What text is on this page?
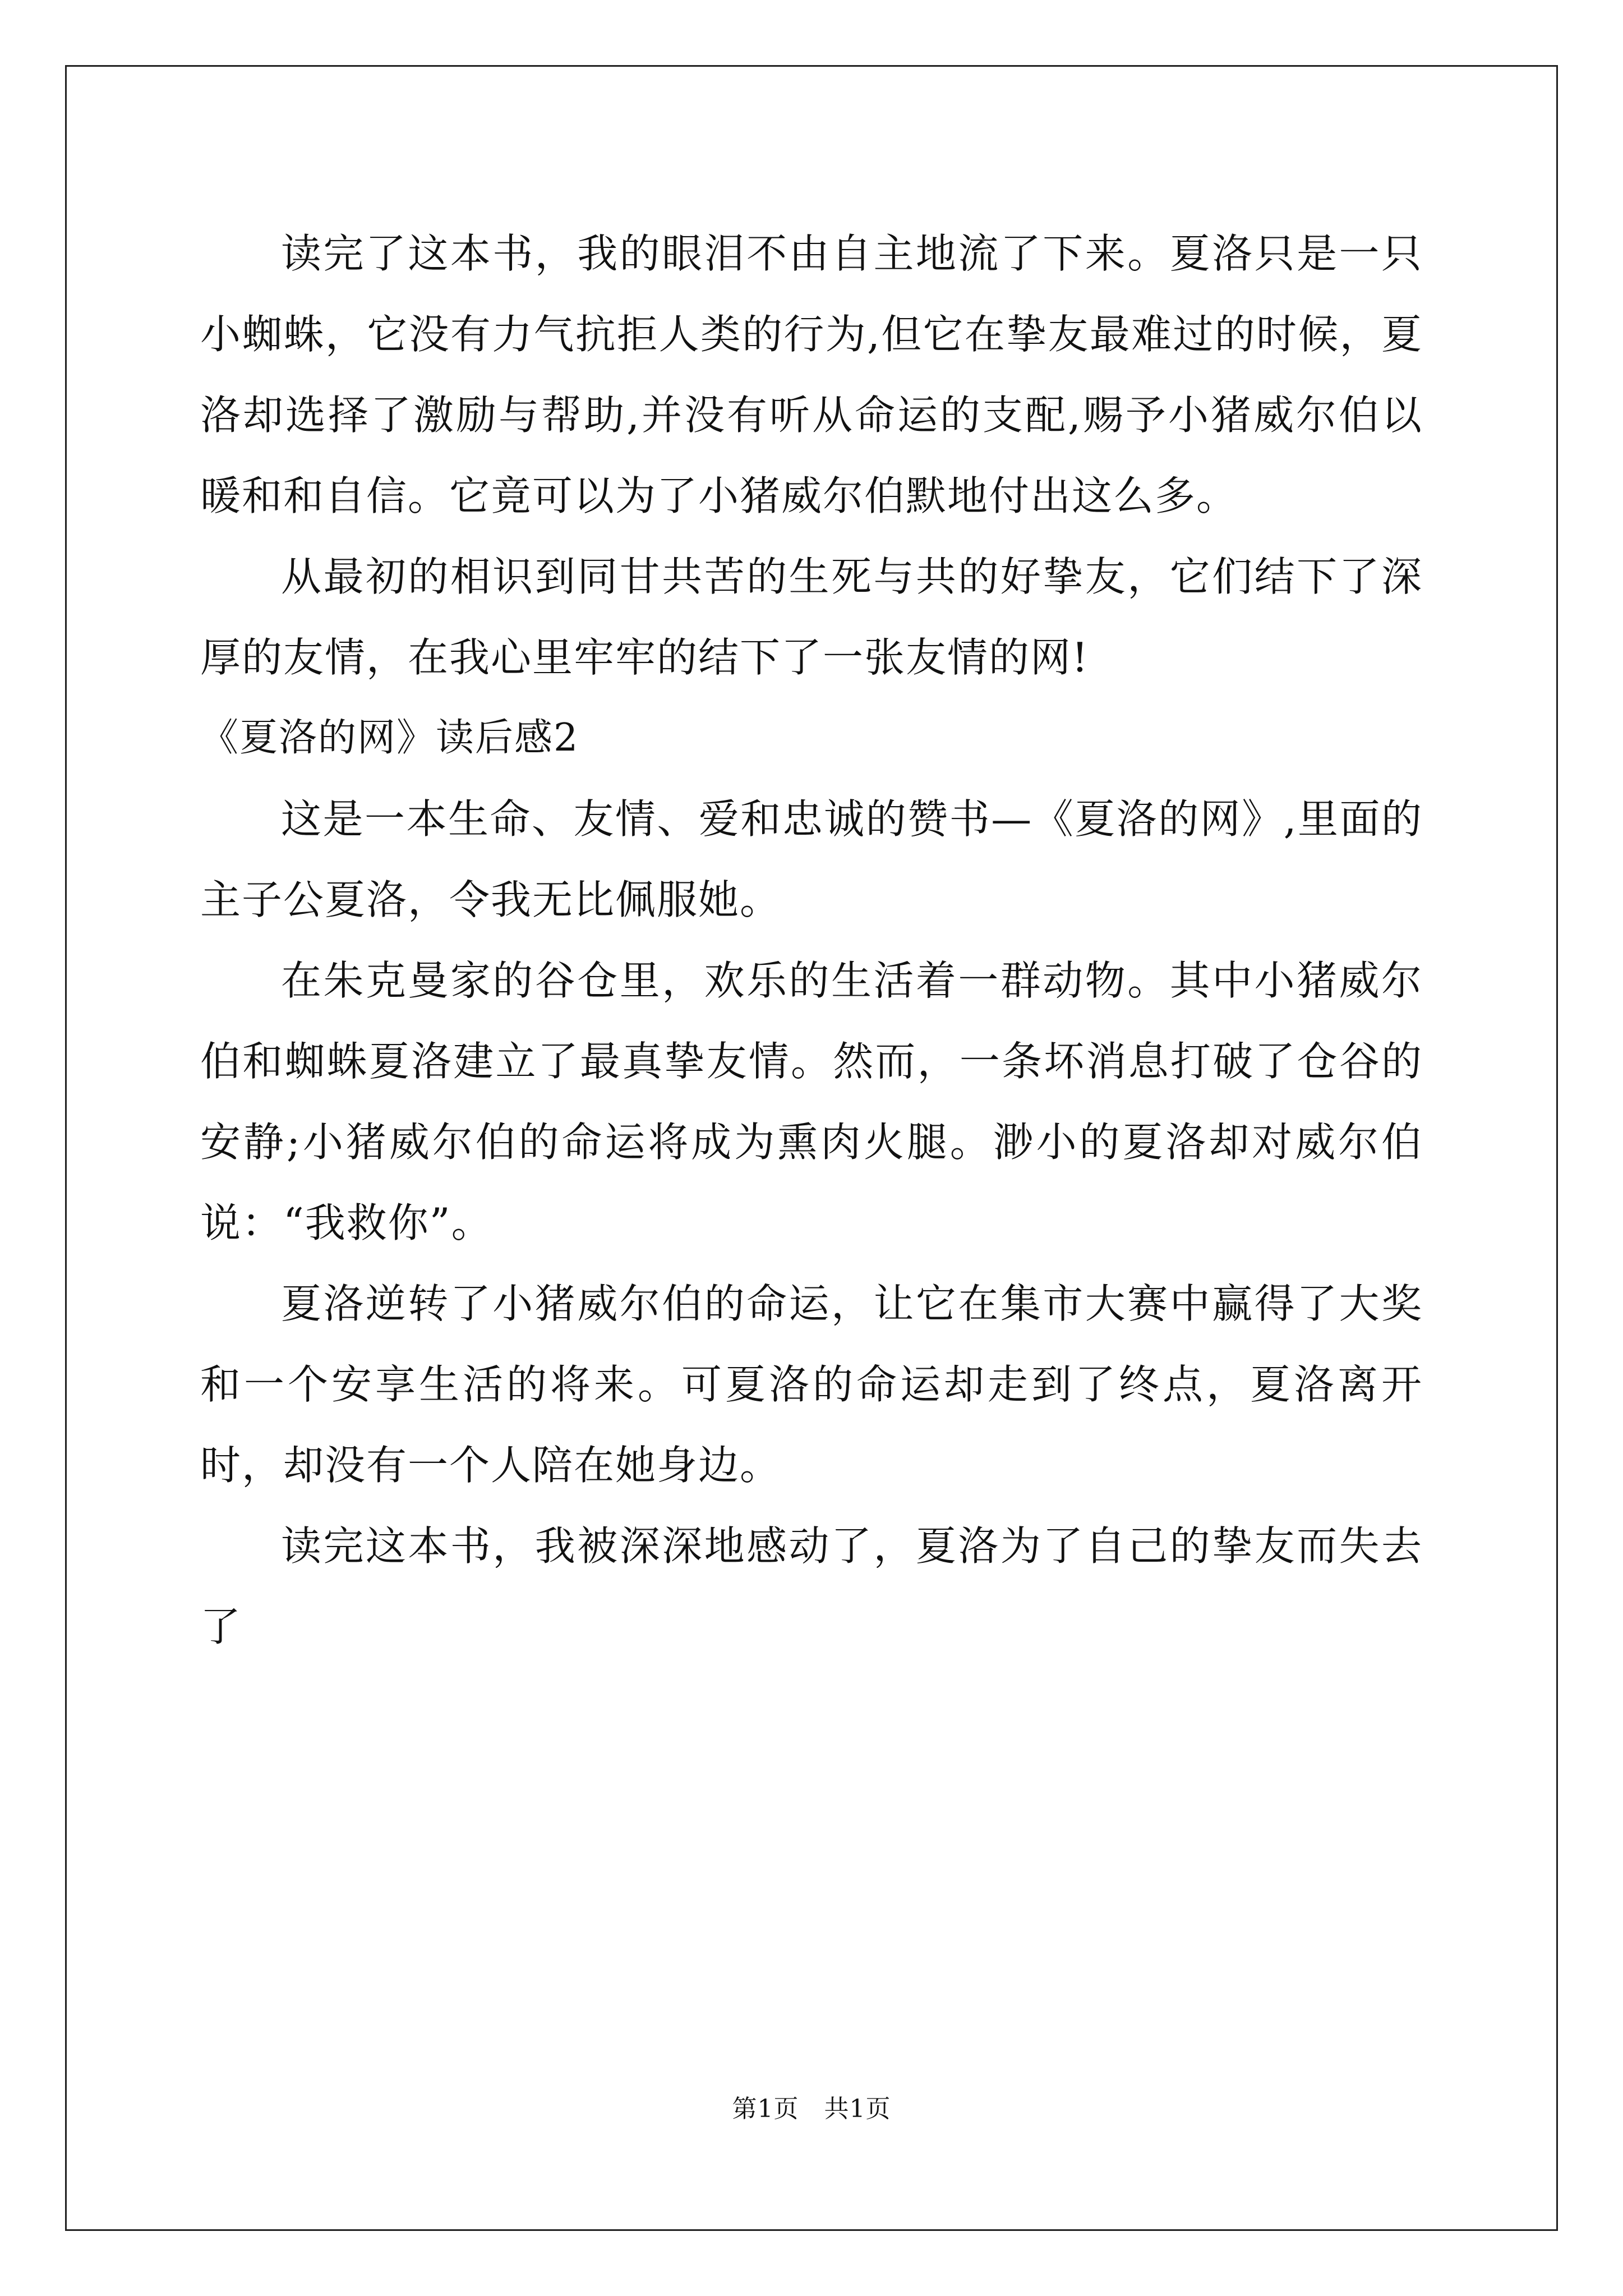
读完了这本书，我的眼泪不由自主地流了下来。夏洛只是一只小蜘蛛，它没有力气抗拒人类的行为,但它在挚友最难过的时候，夏洛却选择了激励与帮助,并没有听从命运的支配,赐予小猪威尔伯以暖和和自信。它竟可以为了小猪威尔伯默地付出这么多。

从最初的相识到同甘共苦的生死与共的好挚友，它们结下了深厚的友情，在我心里牢牢的结下了一张友情的网!

《夏洛的网》读后感2

这是一本生命、友情、爱和忠诚的赞书—《夏洛的网》,里面的主子公夏洛，令我无比佩服她。

在朱克曼家的谷仓里，欢乐的生活着一群动物。其中小猪威尔伯和蜘蛛夏洛建立了最真挚友情。然而，一条坏消息打破了仓谷的安静;小猪威尔伯的命运将成为熏肉火腿。渺小的夏洛却对威尔伯说：“我救你”。

夏洛逆转了小猪威尔伯的命运，让它在集市大赛中赢得了大奖和一个安享生活的将来。可夏洛的命运却走到了终点，夏洛离开时，却没有一个人陪在她身边。

读完这本书，我被深深地感动了，夏洛为了自己的挚友而失去了

第1页　共1页
